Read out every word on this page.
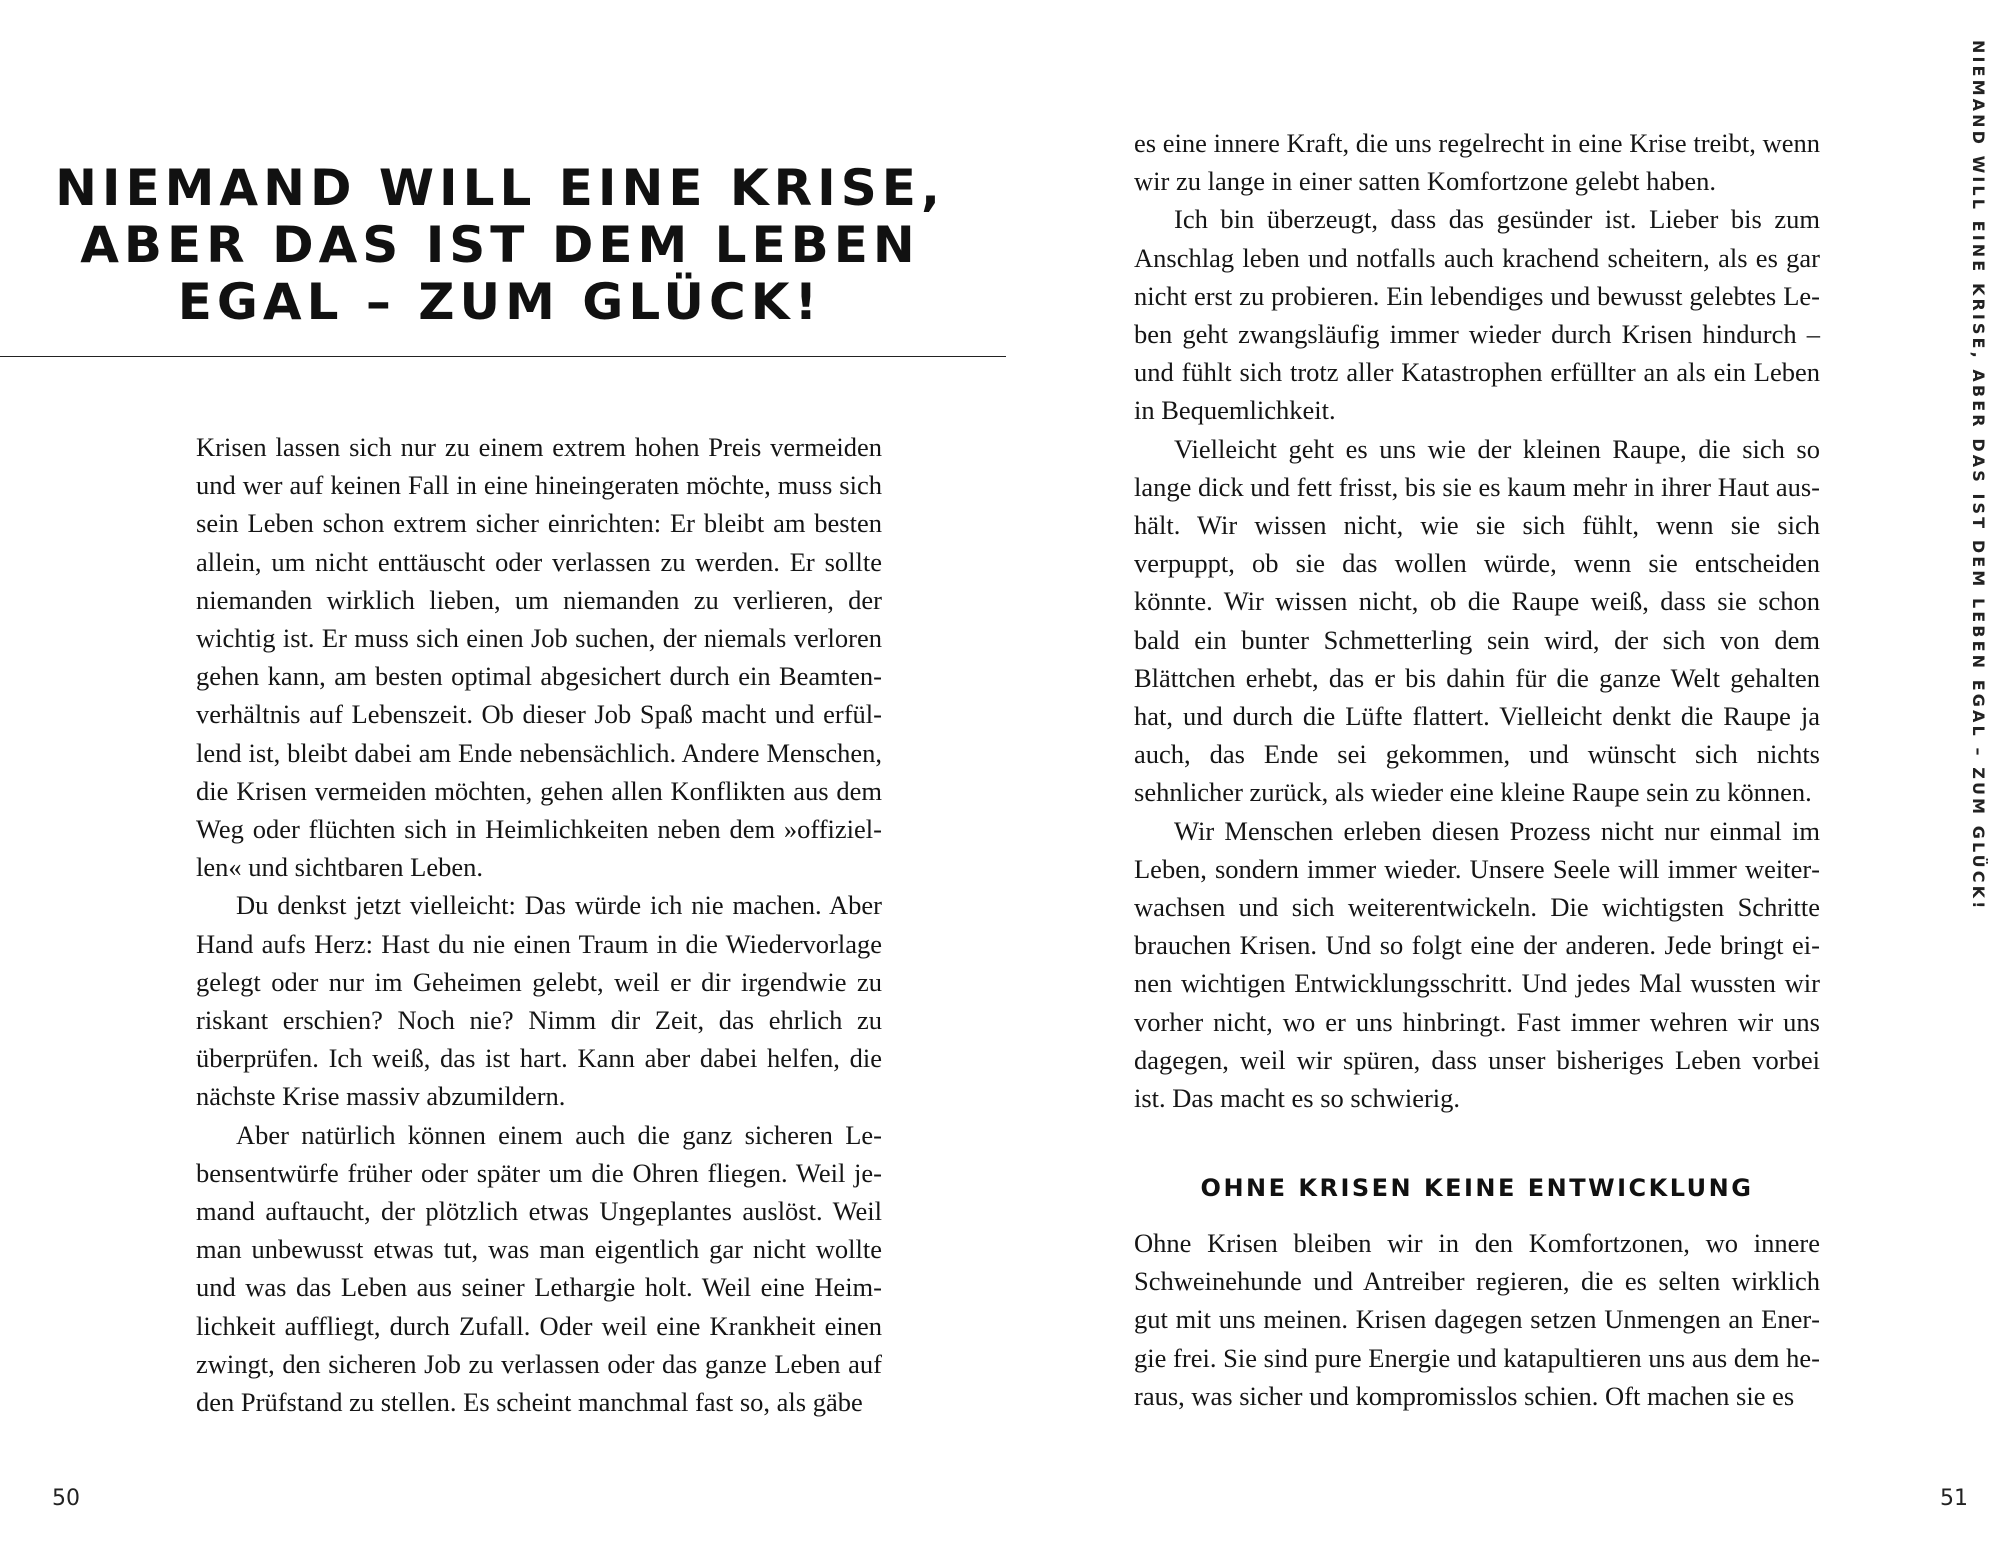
NIEMAND WILL EINE KRISE, ABER DAS IST DEM LEBEN EGAL – ZUM GLÜCK!

Krisen lassen sich nur zu einem extrem hohen Preis vermeiden und wer auf keinen Fall in eine hineingeraten möchte, muss sich sein Leben schon extrem sicher einrichten: Er bleibt am besten allein, um nicht enttäuscht oder verlassen zu werden. Er sollte niemanden wirklich lieben, um niemanden zu verlieren, der wichtig ist. Er muss sich einen Job suchen, der niemals verloren gehen kann, am besten optimal abgesichert durch ein Beamtenverhältnis auf Lebenszeit. Ob dieser Job Spaß macht und erfüllend ist, bleibt dabei am Ende nebensächlich. Andere Menschen, die Krisen vermeiden möchten, gehen allen Konflikten aus dem Weg oder flüchten sich in Heimlichkeiten neben dem »offiziellen« und sichtbaren Leben.

Du denkst jetzt vielleicht: Das würde ich nie machen. Aber Hand aufs Herz: Hast du nie einen Traum in die Wiedervorlage gelegt oder nur im Geheimen gelebt, weil er dir irgendwie zu riskant erschien? Noch nie? Nimm dir Zeit, das ehrlich zu überprüfen. Ich weiß, das ist hart. Kann aber dabei helfen, die nächste Krise massiv abzumildern.

Aber natürlich können einem auch die ganz sicheren Lebensentwürfe früher oder später um die Ohren fliegen. Weil jemand auftaucht, der plötzlich etwas Ungeplantes auslöst. Weil man unbewusst etwas tut, was man eigentlich gar nicht wollte und was das Leben aus seiner Lethargie holt. Weil eine Heimlichkeit auffliegt, durch Zufall. Oder weil eine Krankheit einen zwingt, den sicheren Job zu verlassen oder das ganze Leben auf den Prüfstand zu stellen. Es scheint manchmal fast so, als gäbe

es eine innere Kraft, die uns regelrecht in eine Krise treibt, wenn wir zu lange in einer satten Komfortzone gelebt haben.

Ich bin überzeugt, dass das gesünder ist. Lieber bis zum Anschlag leben und notfalls auch krachend scheitern, als es gar nicht erst zu probieren. Ein lebendiges und bewusst gelebtes Leben geht zwangsläufig immer wieder durch Krisen hindurch – und fühlt sich trotz aller Katastrophen erfüllter an als ein Leben in Bequemlichkeit.

Vielleicht geht es uns wie der kleinen Raupe, die sich so lange dick und fett frisst, bis sie es kaum mehr in ihrer Haut aushält. Wir wissen nicht, wie sie sich fühlt, wenn sie sich verpuppt, ob sie das wollen würde, wenn sie entscheiden könnte. Wir wissen nicht, ob die Raupe weiß, dass sie schon bald ein bunter Schmetterling sein wird, der sich von dem Blättchen erhebt, das er bis dahin für die ganze Welt gehalten hat, und durch die Lüfte flattert. Vielleicht denkt die Raupe ja auch, das Ende sei gekommen, und wünscht sich nichts sehnlicher zurück, als wieder eine kleine Raupe sein zu können.

Wir Menschen erleben diesen Prozess nicht nur einmal im Leben, sondern immer wieder. Unsere Seele will immer weiterwachsen und sich weiterentwickeln. Die wichtigsten Schritte brauchen Krisen. Und so folgt eine der anderen. Jede bringt einen wichtigen Entwicklungsschritt. Und jedes Mal wussten wir vorher nicht, wo er uns hinbringt. Fast immer wehren wir uns dagegen, weil wir spüren, dass unser bisheriges Leben vorbei ist. Das macht es so schwierig.

OHNE KRISEN KEINE ENTWICKLUNG

Ohne Krisen bleiben wir in den Komfortzonen, wo innere Schweinehunde und Antreiber regieren, die es selten wirklich gut mit uns meinen. Krisen dagegen setzen Unmengen an Energie frei. Sie sind pure Energie und katapultieren uns aus dem heraus, was sicher und kompromisslos schien. Oft machen sie es

NIEMAND WILL EINE KRISE, ABER DAS IST DEM LEBEN EGAL – ZUM GLÜCK!
50	51
